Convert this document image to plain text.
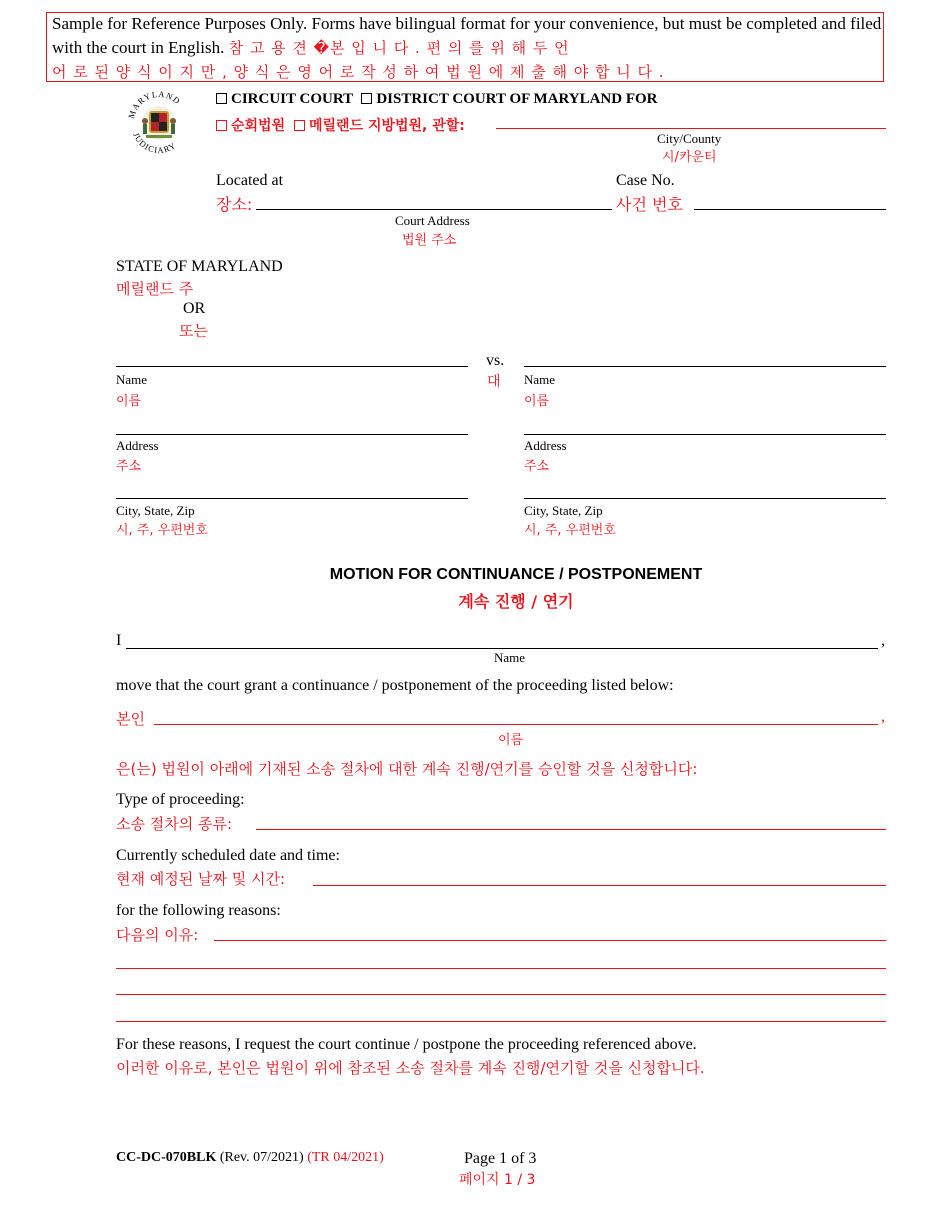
Sample for Reference Purposes Only. Forms have bilingual format for your convenience, but must be completed and filed with the court in English. 참 고 용 견 �본 입 니 다 . 편 의 를 위 해 두 언
어 로 된 양 식 이 지 만 , 양 식 은 영 어 로 작 성 하 여 법 원 에 제 출 해 야 합 니 다 .
MARYLAND
JUDICIARY
CIRCUIT COURT DISTRICT COURT OF MARYLAND FOR
순회법원 메릴랜드 지방법원, 관할:
City/County
시/카운티
Located at
장소:
Court Address
법원 주소
Case No.
사건 번호
STATE OF MARYLAND
메릴랜드 주
OR
또는
vs.
대
Name
이름
Name
이름
Address
주소
Address
주소
City, State, Zip
시, 주, 우편번호
City, State, Zip
시, 주, 우편번호
MOTION FOR CONTINUANCE / POSTPONEMENT
계속 진행 / 연기
I	,
Name
move that the court grant a continuance / postponement of the proceeding listed below:
본인	,
이름
은(는) 법원이 아래에 기재된 소송 절차에 대한 계속 진행/연기를 승인할 것을 신청합니다:
Type of proceeding:
소송 절차의 종류:
Currently scheduled date and time:
현재 예정된 날짜 및 시간:
for the following reasons:
다음의 이유:
For these reasons, I request the court continue / postpone the proceeding referenced above.
이러한 이유로, 본인은 법원이 위에 참조된 소송 절차를 계속 진행/연기할 것을 신청합니다.
CC-DC-070BLK (Rev. 07/2021) (TR 04/2021)	Page 1 of 3
페이지 1 / 3
